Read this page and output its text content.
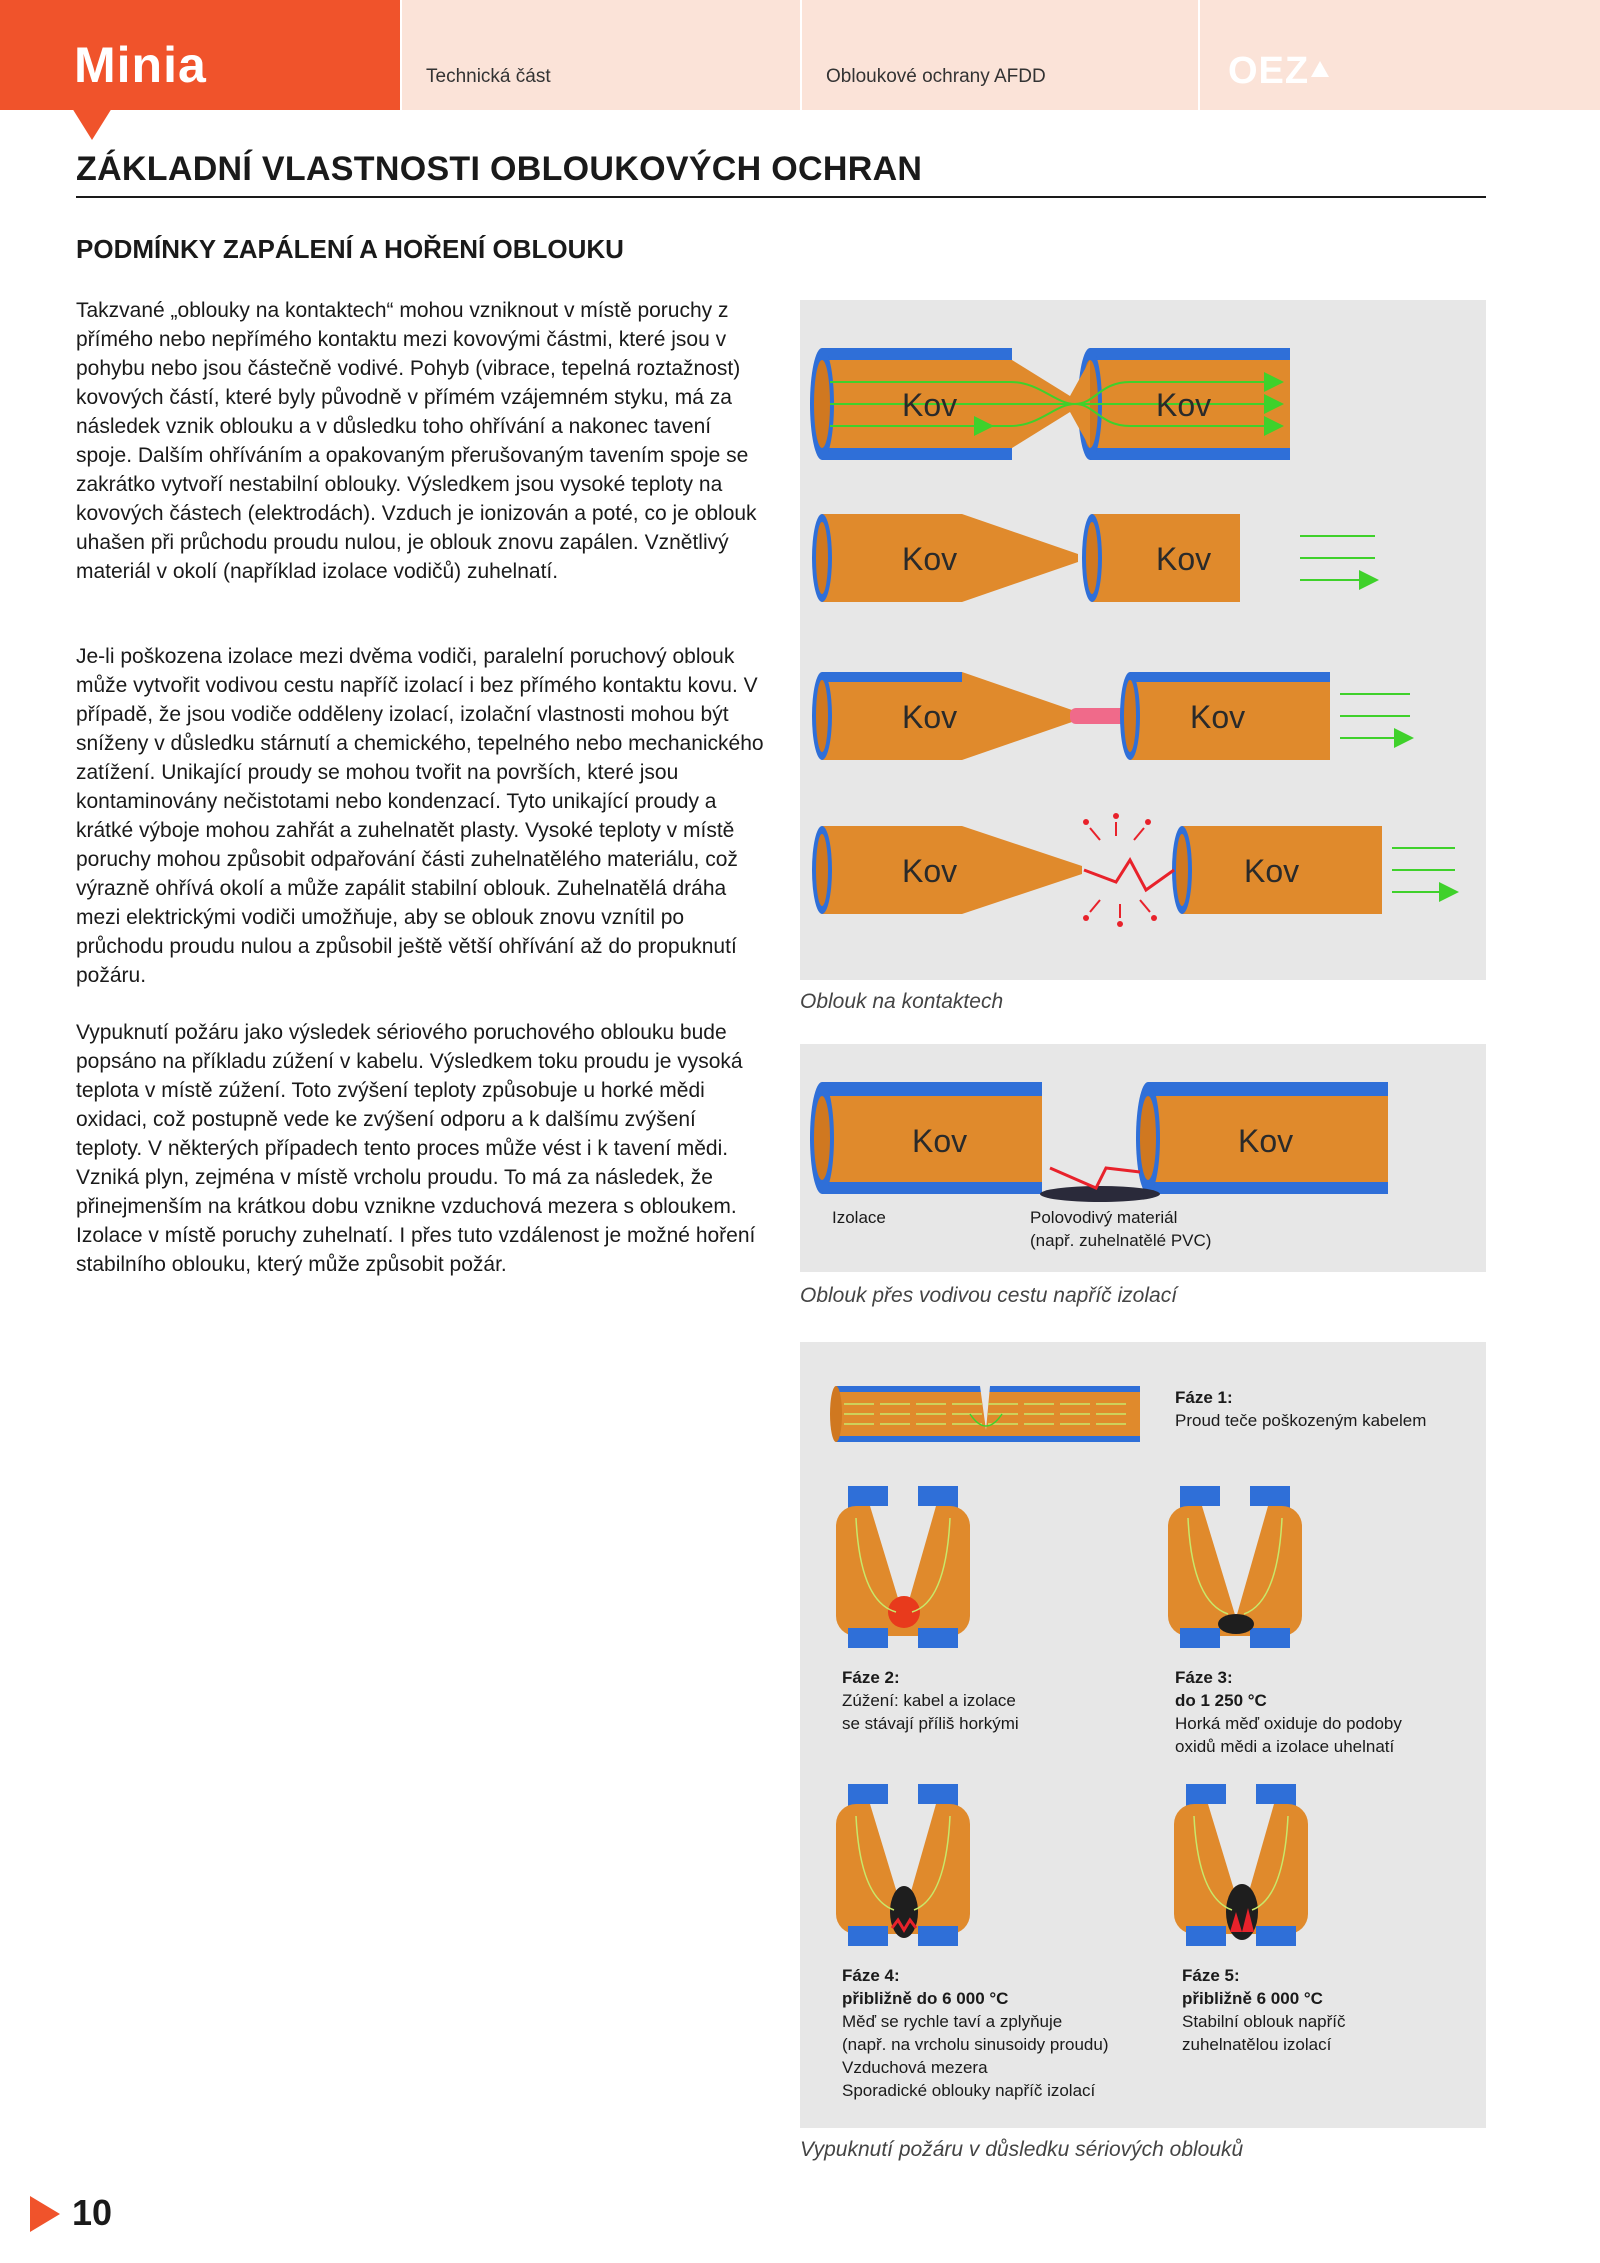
Minia	Technická část	Obloukové ochrany AFDD	OEZ
ZÁKLADNÍ VLASTNOSTI OBLOUKOVÝCH OCHRAN
PODMÍNKY ZAPÁLENÍ A HOŘENÍ OBLOUKU

Takzvané „oblouky na kontaktech“ mohou vzniknout v místě poruchy z přímého nebo nepřímého kontaktu mezi kovovými částmi, které jsou v pohybu nebo jsou částečně vodivé. Pohyb (vibrace, tepelná roztažnost) kovových částí, které byly původně v přímém vzájemném styku, má za následek vznik oblouku a v důsledku toho ohřívání a nakonec tavení spoje. Dalším ohříváním a opakovaným přerušovaným tavením spoje se zakrátko vytvoří nestabilní oblouky. Výsledkem jsou vysoké teploty na kovových částech (elektrodách). Vzduch je ionizován a poté, co je oblouk uhašen při průchodu proudu nulou, je oblouk znovu zapálen. Vznětlivý materiál v okolí (například izolace vodičů) zuhelnatí.

Je-li poškozena izolace mezi dvěma vodiči, paralelní poruchový oblouk může vytvořit vodivou cestu napříč izolací i bez přímého kontaktu kovu. V případě, že jsou vodiče odděleny izolací, izolační vlastnosti mohou být sníženy v důsledku stárnutí a chemického, tepelného nebo mechanického zatížení. Unikající proudy se mohou tvořit na površích, které jsou kontaminovány nečistotami nebo kondenzací. Tyto unikající proudy a krátké výboje mohou zahřát a zuhelnatět plasty. Vysoké teploty v místě poruchy mohou způsobit odpařování části zuhelnatělého materiálu, což výrazně ohřívá okolí a může zapálit stabilní oblouk. Zuhelnatělá dráha mezi elektrickými vodiči umožňuje, aby se oblouk znovu vznítil po průchodu proudu nulou a způsobil ještě větší ohřívání až do propuknutí požáru.

Vypuknutí požáru jako výsledek sériového poruchového oblouku bude popsáno na příkladu zúžení v kabelu. Výsledkem toku proudu je vysoká teplota v místě zúžení. Toto zvýšení teploty způsobuje u horké mědi oxidaci, což postupně vede ke zvýšení odporu a k dalšímu zvýšení teploty. V některých případech tento proces může vést i k tavení mědi. Vzniká plyn, zejména v místě vrcholu proudu. To má za následek, že přinejmenším na krátkou dobu vznikne vzduchová mezera s obloukem. Izolace v místě poruchy zuhelnatí. I přes tuto vzdálenost je možné hoření stabilního oblouku, který může způsobit požár.

Kov	Kov
Kov	Kov
Kov	Kov
Kov	Kov
Oblouk na kontaktech
Kov	Kov
Izolace	Polovodivý materiál
(např. zuhelnatělé PVC)
Oblouk přes vodivou cestu napříč izolací
Fáze 1:
Proud teče poškozeným kabelem
Fáze 2:
Zúžení: kabel a izolace
se stávají příliš horkými
Fáze 3:
do 1 250 °C
Horká měď oxiduje do podoby
oxidů mědi a izolace uhelnatí
Fáze 4:
přibližně do 6 000 °C
Měď se rychle taví a zplyňuje
(např. na vrcholu sinusoidy proudu)
Vzduchová mezera
Sporadické oblouky napříč izolací
Fáze 5:
přibližně 6 000 °C
Stabilní oblouk napříč
zuhelnatělou izolací
Vypuknutí požáru v důsledku sériových oblouků
10
